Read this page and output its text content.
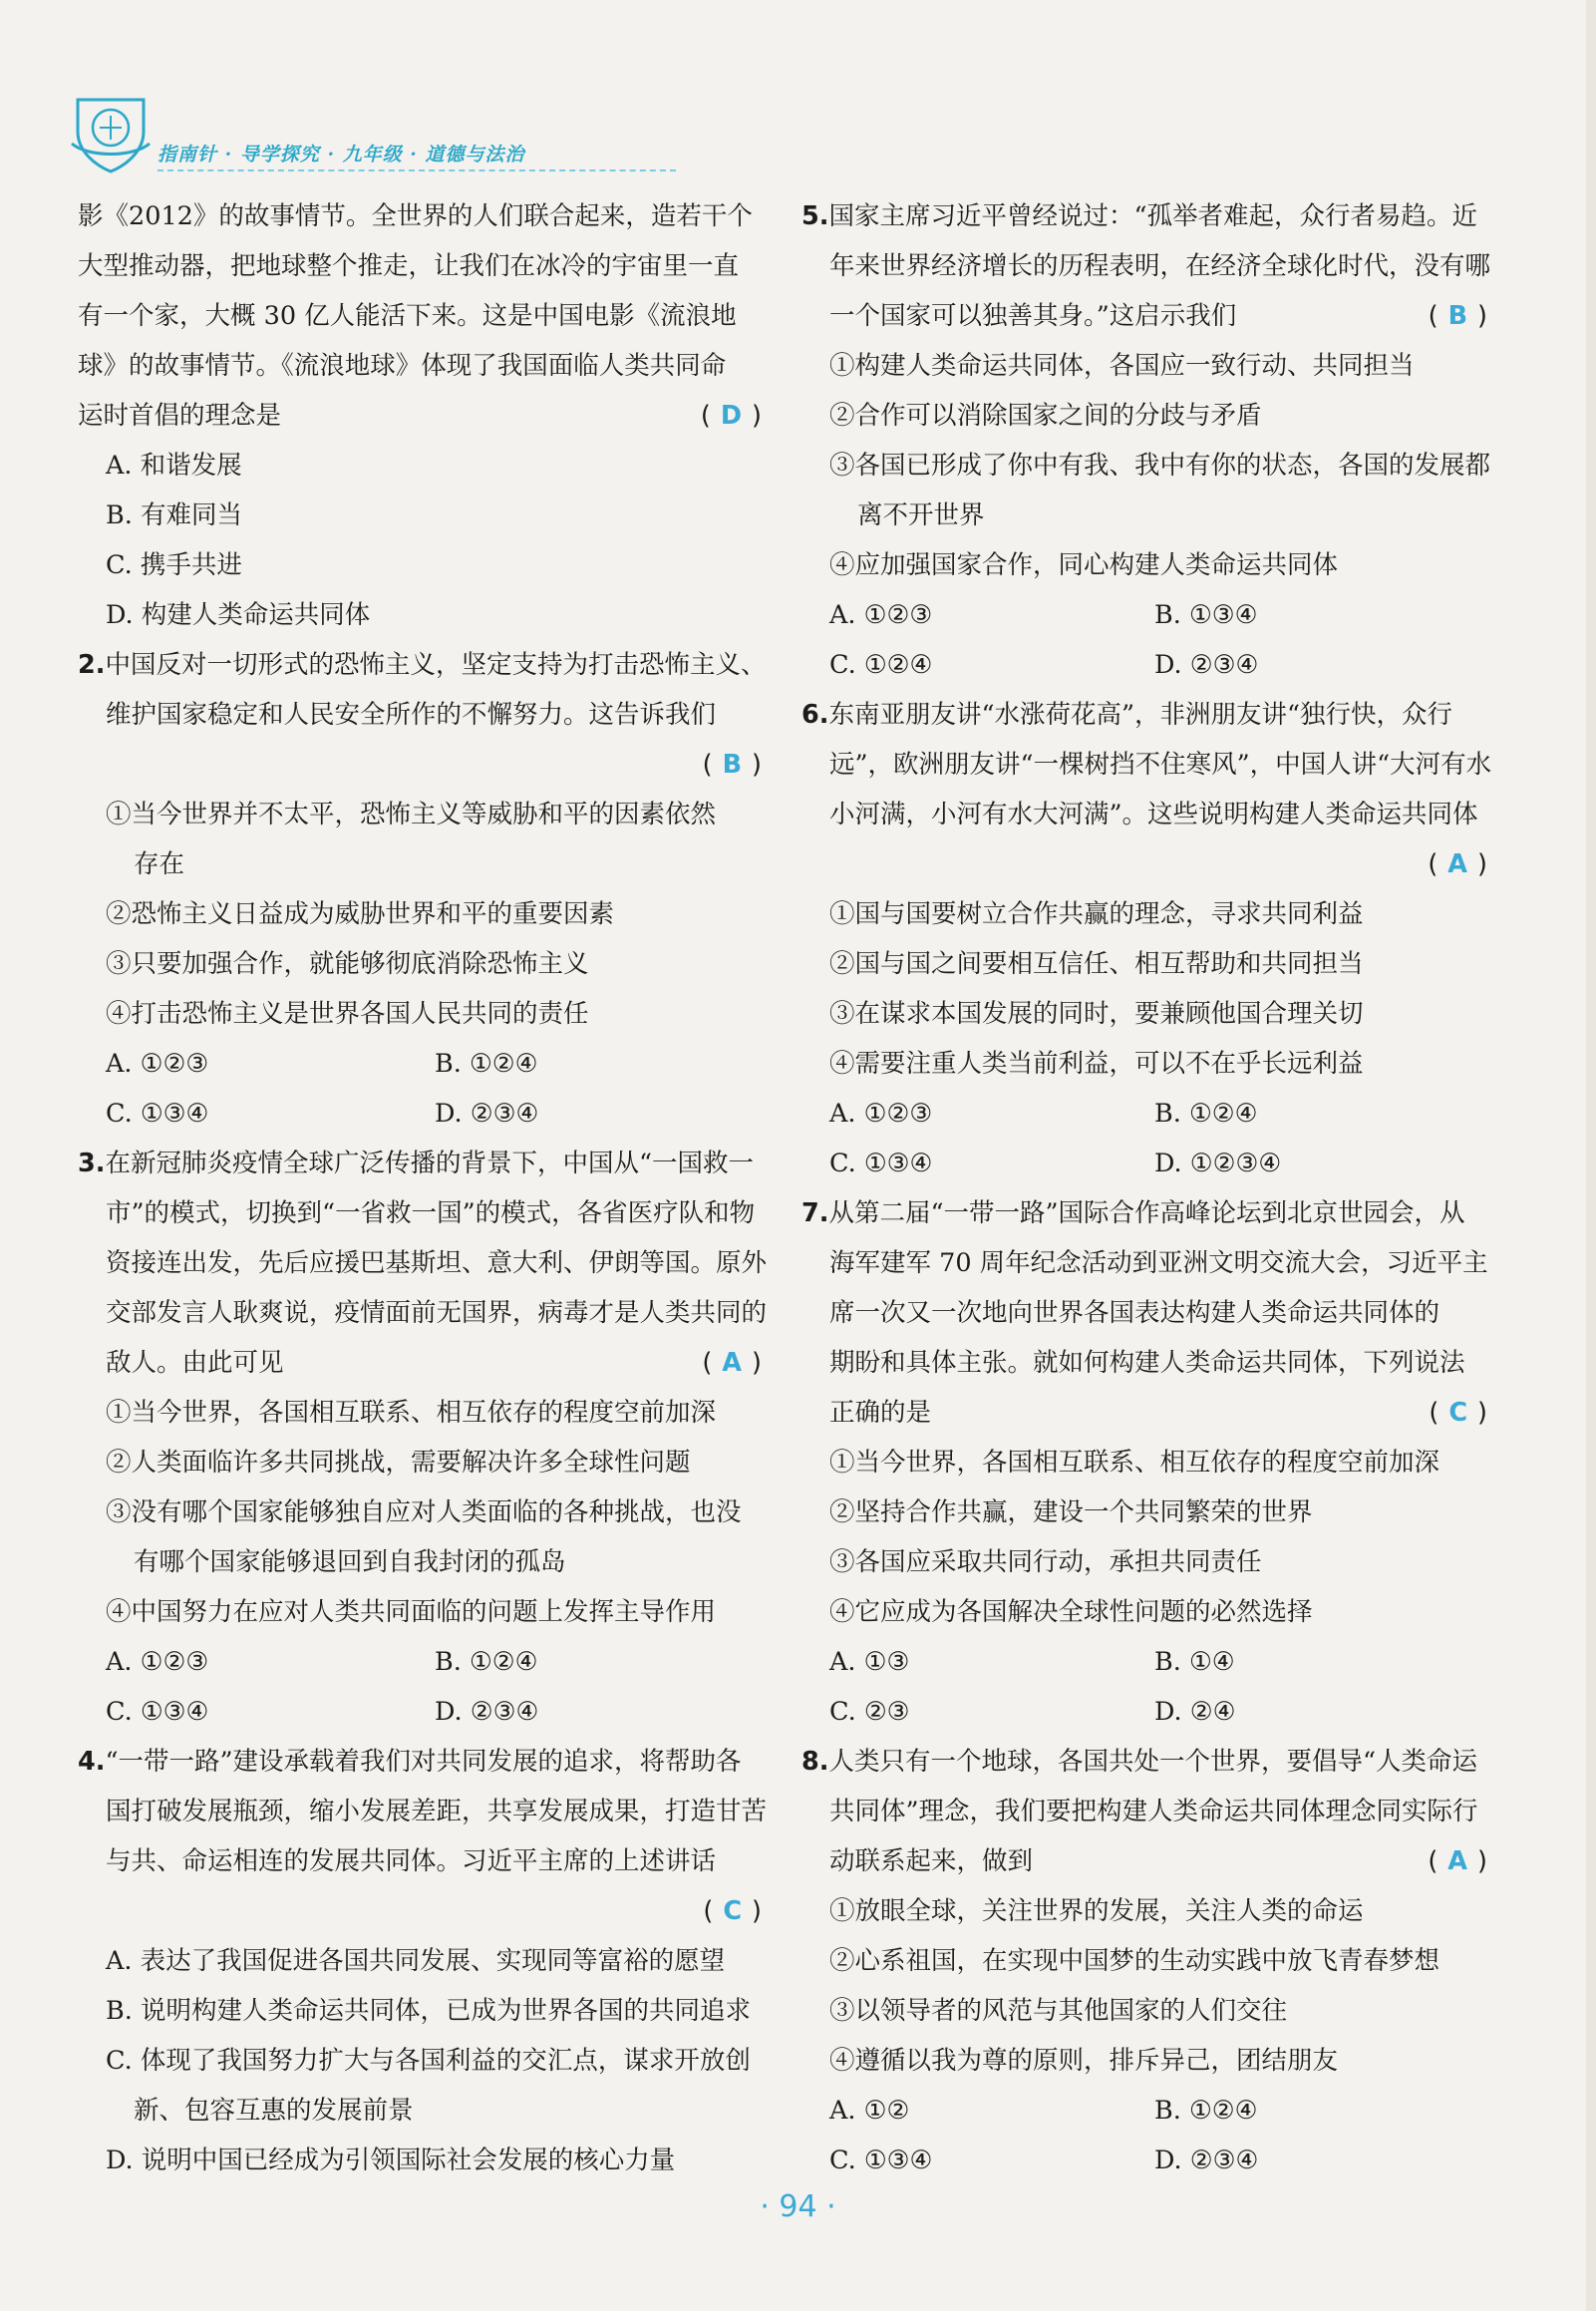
指南针 · 导学探究 · 九年级 · 道德与法治
影《2012》的故事情节。全世界的人们联合起来，造若干个
大型推动器，把地球整个推走，让我们在冰冷的宇宙里一直
有一个家，大概 30 亿人能活下来。这是中国电影《流浪地
球》的故事情节。《流浪地球》体现了我国面临人类共同命
运时首倡的理念是	( D )
A. 和谐发展
B. 有难同当
C. 携手共进
D. 构建人类命运共同体
2.中国反对一切形式的恐怖主义，坚定支持为打击恐怖主义、
维护国家稳定和人民安全所作的不懈努力。这告诉我们
( B )
①当今世界并不太平，恐怖主义等威胁和平的因素依然
存在
②恐怖主义日益成为威胁世界和平的重要因素
③只要加强合作，就能够彻底消除恐怖主义
④打击恐怖主义是世界各国人民共同的责任
A. ①②③	B. ①②④
C. ①③④	D. ②③④
3.在新冠肺炎疫情全球广泛传播的背景下，中国从“一国救一
市”的模式，切换到“一省救一国”的模式，各省医疗队和物
资接连出发，先后应援巴基斯坦、意大利、伊朗等国。原外
交部发言人耿爽说，疫情面前无国界，病毒才是人类共同的
敌人。由此可见	( A )
①当今世界，各国相互联系、相互依存的程度空前加深
②人类面临许多共同挑战，需要解决许多全球性问题
③没有哪个国家能够独自应对人类面临的各种挑战，也没
有哪个国家能够退回到自我封闭的孤岛
④中国努力在应对人类共同面临的问题上发挥主导作用
A. ①②③	B. ①②④
C. ①③④	D. ②③④
4.“一带一路”建设承载着我们对共同发展的追求，将帮助各
国打破发展瓶颈，缩小发展差距，共享发展成果，打造甘苦
与共、命运相连的发展共同体。习近平主席的上述讲话
( C )
A. 表达了我国促进各国共同发展、实现同等富裕的愿望
B. 说明构建人类命运共同体，已成为世界各国的共同追求
C. 体现了我国努力扩大与各国利益的交汇点，谋求开放创
新、包容互惠的发展前景
D. 说明中国已经成为引领国际社会发展的核心力量
5.国家主席习近平曾经说过：“孤举者难起，众行者易趋。近
年来世界经济增长的历程表明，在经济全球化时代，没有哪
一个国家可以独善其身。”这启示我们	( B )
①构建人类命运共同体，各国应一致行动、共同担当
②合作可以消除国家之间的分歧与矛盾
③各国已形成了你中有我、我中有你的状态，各国的发展都
离不开世界
④应加强国家合作，同心构建人类命运共同体
A. ①②③	B. ①③④
C. ①②④	D. ②③④
6.东南亚朋友讲“水涨荷花高”，非洲朋友讲“独行快，众行
远”，欧洲朋友讲“一棵树挡不住寒风”，中国人讲“大河有水
小河满，小河有水大河满”。这些说明构建人类命运共同体
( A )
①国与国要树立合作共赢的理念，寻求共同利益
②国与国之间要相互信任、相互帮助和共同担当
③在谋求本国发展的同时，要兼顾他国合理关切
④需要注重人类当前利益，可以不在乎长远利益
A. ①②③	B. ①②④
C. ①③④	D. ①②③④
7.从第二届“一带一路”国际合作高峰论坛到北京世园会，从
海军建军 70 周年纪念活动到亚洲文明交流大会，习近平主
席一次又一次地向世界各国表达构建人类命运共同体的
期盼和具体主张。就如何构建人类命运共同体，下列说法
正确的是	( C )
①当今世界，各国相互联系、相互依存的程度空前加深
②坚持合作共赢，建设一个共同繁荣的世界
③各国应采取共同行动，承担共同责任
④它应成为各国解决全球性问题的必然选择
A. ①③	B. ①④
C. ②③	D. ②④
8.人类只有一个地球，各国共处一个世界，要倡导“人类命运
共同体”理念，我们要把构建人类命运共同体理念同实际行
动联系起来，做到	( A )
①放眼全球，关注世界的发展，关注人类的命运
②心系祖国，在实现中国梦的生动实践中放飞青春梦想
③以领导者的风范与其他国家的人们交往
④遵循以我为尊的原则，排斥异己，团结朋友
A. ①②	B. ①②④
C. ①③④	D. ②③④
· 94 ·
